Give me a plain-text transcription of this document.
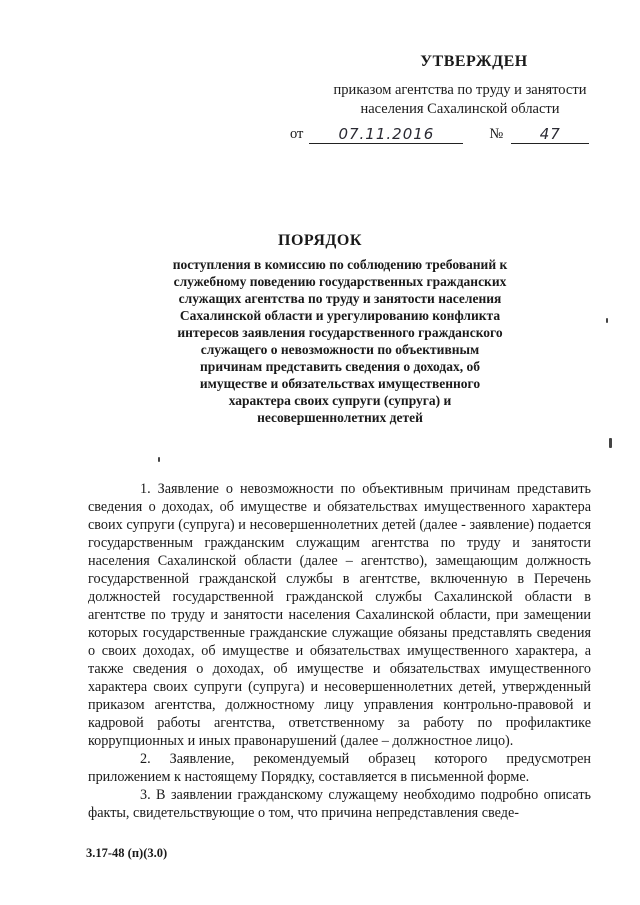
УТВЕРЖДЕН
приказом агентства по труду и занятости
населения Сахалинской области
от	07.11.2016	№	47
ПОРЯДОК
поступления в комиссию по соблюдению требований к
служебному поведению государственных гражданских
служащих агентства по труду и занятости населения
Сахалинской области и урегулированию конфликта
интересов заявления государственного гражданского
служащего о невозможности по объективным
причинам представить сведения о доходах, об
имуществе и обязательствах имущественного
характера своих супруги (супруга) и
несовершеннолетних детей

1. Заявление о невозможности по объективным причинам представить сведения о доходах, об имуществе и обязательствах имущественного характера своих супруги (супруга) и несовершеннолетних детей (далее - заявление) подается государственным гражданским служащим агентства по труду и занятости населения Сахалинской области (далее – агентство), замещающим должность государственной гражданской службы в агентстве, включенную в Перечень должностей государственной гражданской службы Сахалинской области в агентстве по труду и занятости населения Сахалинской области, при замещении которых государственные гражданские служащие обязаны представлять сведения о своих доходах, об имуществе и обязательствах имущественного характера, а также сведения о доходах, об имуществе и обязательствах имущественного характера своих супруги (супруга) и несовершеннолетних детей, утвержденный приказом агентства, должностному лицу управления контрольно-правовой и кадровой работы агентства, ответственному за работу по профилактике коррупционных и иных правонарушений (далее – должностное лицо).

2. Заявление, рекомендуемый образец которого предусмотрен приложением к настоящему Порядку, составляется в письменной форме.

3. В заявлении гражданскому служащему необходимо подробно описать факты, свидетельствующие о том, что причина непредставления сведе-

3.17-48 (п)(3.0)
